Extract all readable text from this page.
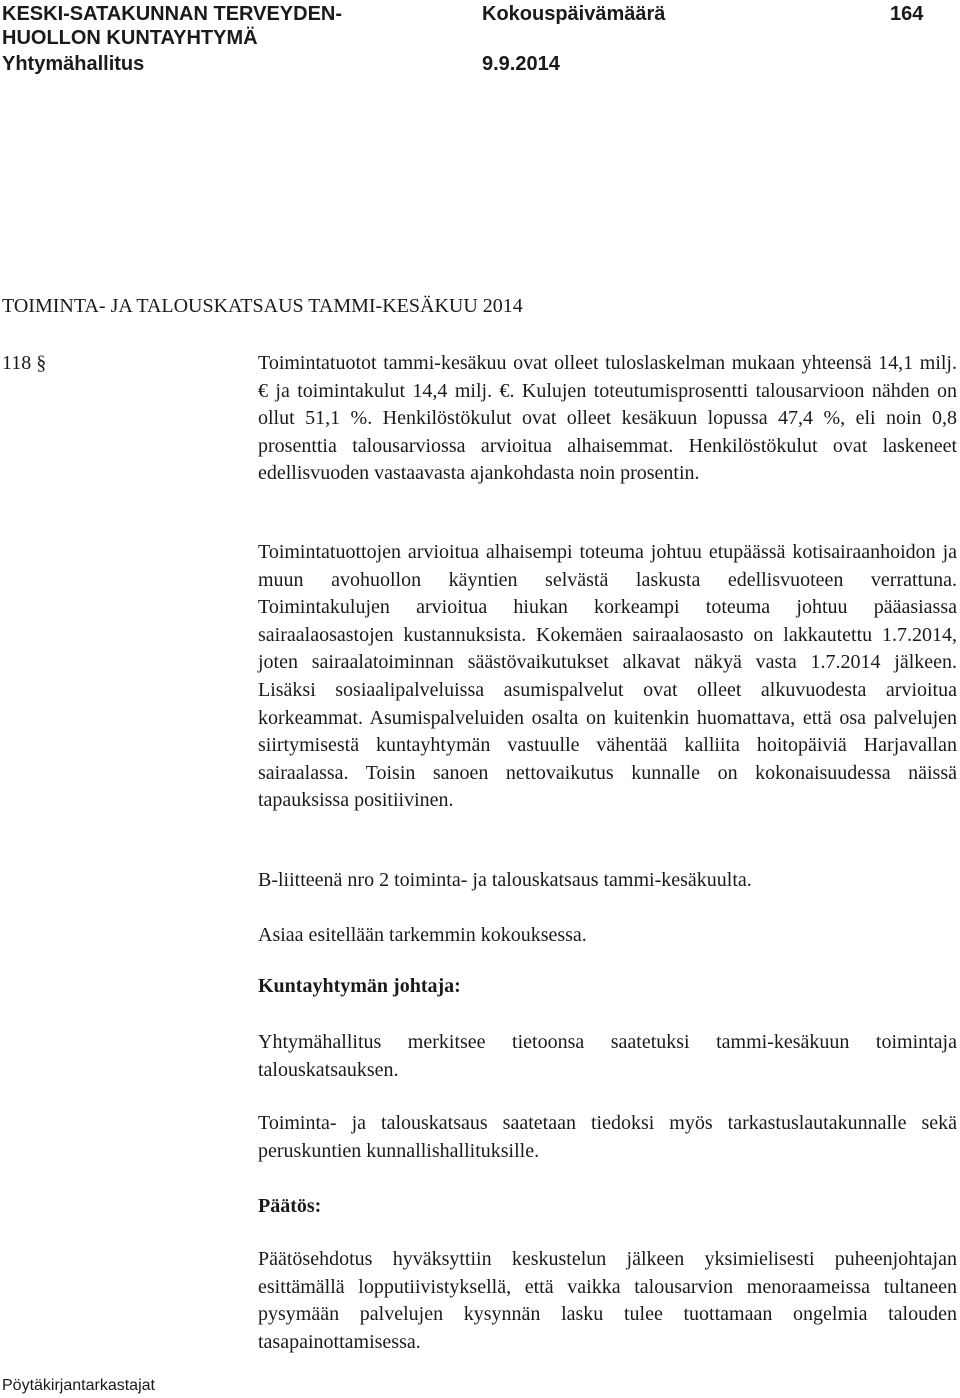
KESKI-SATAKUNNAN TERVEYDEN-
HUOLLON KUNTAYHTYMÄ
Yhtymähallitus
Kokouspäivämäärä
9.9.2014
164
TOIMINTA- JA TALOUSKATSAUS TAMMI-KESÄKUU 2014
118 §	Toimintatuotot tammi-kesäkuu ovat olleet tuloslaskelman mukaan yhteensä 14,1 milj. € ja toimintakulut 14,4 milj. €. Kulujen toteutumisprosentti talousarvioon nähden on ollut 51,1 %. Henkilöstökulut ovat olleet kesäkuun lopussa 47,4 %, eli noin 0,8 prosenttia talousarviossa arvioitua alhaisemmat. Henkilöstökulut ovat laskeneet edellisvuoden vastaavasta ajankohdasta noin prosentin.

Toimintatuottojen arvioitua alhaisempi toteuma johtuu etupäässä kotisairaanhoidon ja muun avohuollon käyntien selvästä laskusta edellisvuoteen verrattuna. Toimintakulujen arvioitua hiukan korkeampi toteuma johtuu pääasiassa sairaalaosastojen kustannuksista. Kokemäen sairaalaosasto on lakkautettu 1.7.2014, joten sairaalatoiminnan säästövaikutukset alkavat näkyä vasta 1.7.2014 jälkeen. Lisäksi sosiaalipalveluissa asumispalvelut ovat olleet alkuvuodesta arvioitua korkeammat. Asumispalveluiden osalta on kuitenkin huomattava, että osa palvelujen siirtymisestä kuntayhtymän vastuulle vähentää kalliita hoitopäiviä Harjavallan sairaalassa. Toisin sanoen nettovaikutus kunnalle on kokonaisuudessa näissä tapauksissa positiivinen.

B-liitteenä nro 2 toiminta- ja talouskatsaus tammi-kesäkuulta.

Asiaa esitellään tarkemmin kokouksessa.

Kuntayhtymän johtaja:

Yhtymähallitus merkitsee tietoonsa saatetuksi tammi-kesäkuun toimintaja talouskatsauksen.

Toiminta- ja talouskatsaus saatetaan tiedoksi myös tarkastuslautakunnalle sekä peruskuntien kunnallishallituksille.

Päätös:

Päätösehdotus hyväksyttiin keskustelun jälkeen yksimielisesti puheenjohtajan esittämällä lopputiivistyksellä, että vaikka talousarvion menoraameissa tultaneen pysymään palvelujen kysynnän lasku tulee tuottamaan ongelmia talouden tasapainottamisessa.

Pöytäkirjantarkastajat
